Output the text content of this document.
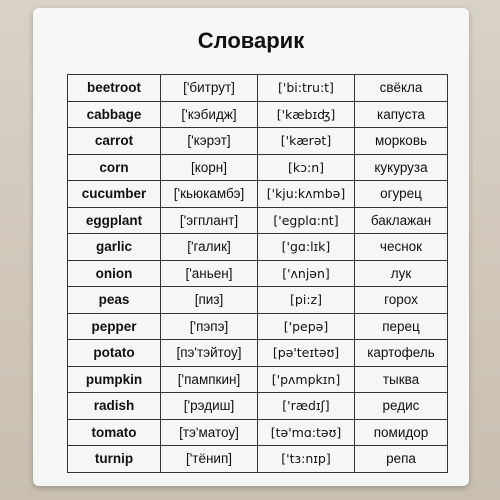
Словарик
beetroot	['битрут]	['bi:tru:t]	свёкла
cabbage	['кэбидж]	['kæbɪʤ]	капуста
carrot	['кэрэт]	['kærət]	морковь
corn	[корн]	[kɔ:n]	кукуруза
cucumber	['кьюкамбэ]	['kju:kʌmbə]	огурец
eggplant	['эгплант]	['egplɑ:nt]	баклажан
garlic	['галик]	['gɑ:lɪk]	чеснок
onion	['аньен]	['ʌnjən]	лук
peas	[пиз]	[pi:z]	горох
pepper	['пэпэ]	['pepə]	перец
potato	[пэ'тэйтоу]	[pə'teɪtəʊ]	картофель
pumpkin	['пампкин]	['pʌmpkɪn]	тыква
radish	['рэдиш]	['rædɪʃ]	редис
tomato	[тэ'матоу]	[tə'mɑ:təʊ]	помидор
turnip	['тёнип]	['tɜ:nɪp]	репа
